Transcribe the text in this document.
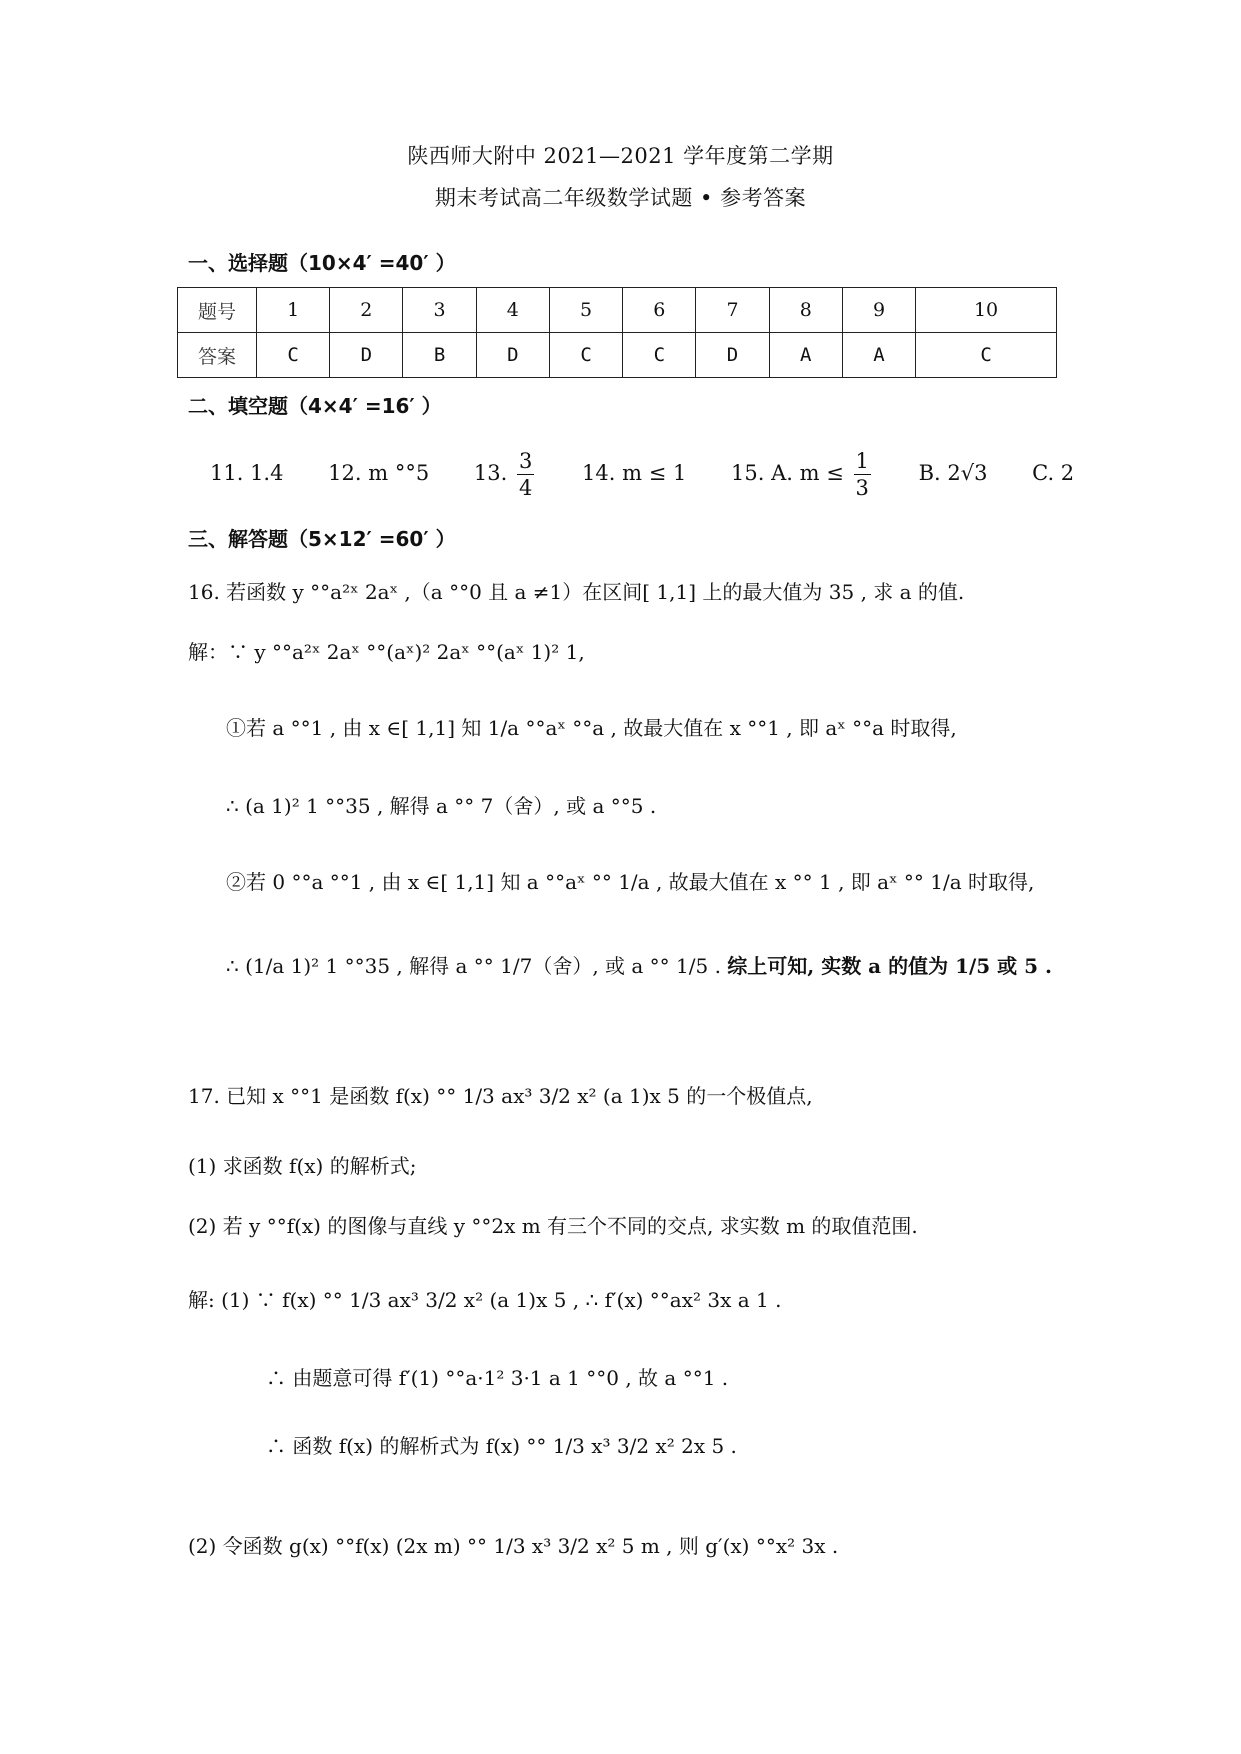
陕西师大附中 2021—2021 学年度第二学期
期末考试高二年级数学试题 • 参考答案
一、选择题（10×4′ =40′ ）
题号	1	2	3	4	5	6	7	8	9	10
答案	C	D	B	D	C	C	D	A	A	C
二、填空题（4×4′ =16′ ）
11. 1.4 12. m °°5 13. $\frac{3}{4} 14$. m ≤ 1 15. A. $m \le \frac{1}{3} B$. 2√3 C. 2
三、解答题（5×12′ =60′ ）
16. 若函数 y °°a²ˣ 2aˣ ,（a °°0 且 a ≠1）在区间[ 1,1] 上的最大值为 35 , 求 a 的值.
解：∵ y °°a²ˣ 2aˣ °°(aˣ)² 2aˣ °°(aˣ 1)² 1,
①若 a °°1 , 由 x ∈[ 1,1] 知 1/a °°aˣ °°a , 故最大值在 x °°1 , 即 aˣ °°a 时取得,
∴ (a 1)² 1 °°35 , 解得 a °° 7（舍）, 或 a °°5 .
②若 0 °°a °°1 , 由 x ∈[ 1,1] 知 a °°aˣ °° 1/a , 故最大值在 x °° 1 , 即 aˣ °° 1/a 时取得,
∴ (1/a 1)² 1 °°35 , 解得 a °° 1/7（舍）, 或 a °° 1/5 . 综上可知, 实数 a 的值为 1/5 或 5 .
17. 已知 x °°1 是函数 f(x) °° 1/3 ax³ 3/2 x² (a 1)x 5 的一个极值点,
(1) 求函数 f(x) 的解析式;
(2) 若 y °°f(x) 的图像与直线 y °°2x m 有三个不同的交点, 求实数 m 的取值范围.
解: (1) ∵ f(x) °° 1/3 ax³ 3/2 x² (a 1)x 5 , ∴ f′(x) °°ax² 3x a 1 .
∴ 由题意可得 f′(1) °°a·1² 3·1 a 1 °°0 , 故 a °°1 .
∴ 函数 f(x) 的解析式为 f(x) °° 1/3 x³ 3/2 x² 2x 5 .
(2) 令函数 g(x) °°f(x) (2x m) °° 1/3 x³ 3/2 x² 5 m , 则 g′(x) °°x² 3x .
